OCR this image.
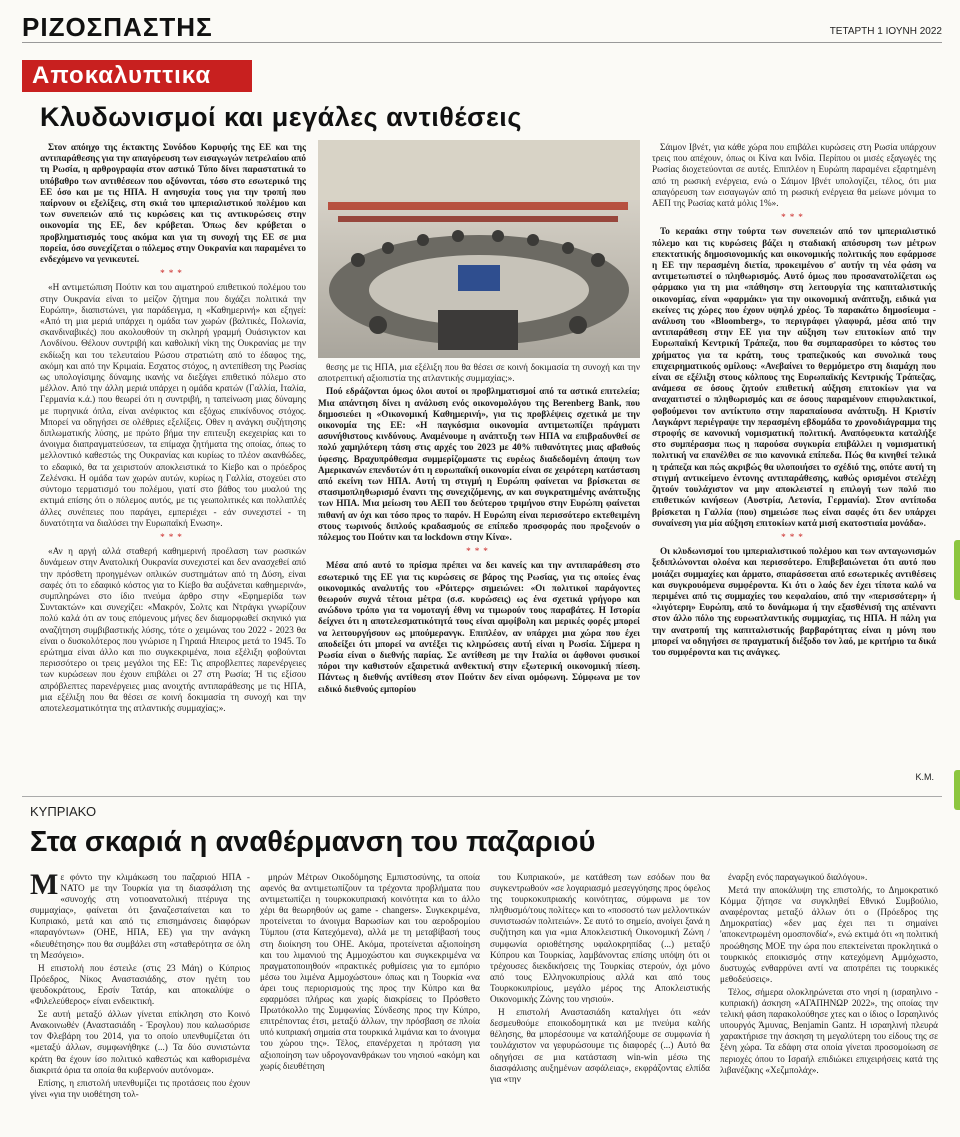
ΡΙΖΟΣΠΑΣΤΗΣ	ΤΕΤΑΡΤΗ 1 ΙΟΥΝΗ 2022
Αποκαλυπτικα
Κλυδωνισμοί και μεγάλες αντιθέσεις

Στον απόηχο της έκτακτης Συνόδου Κορυφής της ΕΕ και της αντιπαράθεσης για την απαγόρευση των εισαγωγών πετρελαίου από τη Ρωσία, η αρθρογραφία στον αστικό Τύπο δίνει παραστατικά το υπόβαθρο των αντιθέσεων που οξύνονται, τόσο στο εσωτερικό της ΕΕ όσο και με τις ΗΠΑ. Η ανησυχία τους για την τροπή που παίρνουν οι εξελίξεις, στη σκιά του ιμπεριαλιστικού πολέμου και των συνεπειών από τις κυρώσεις και τις αντικυρώσεις στην οικονομία της ΕΕ, δεν κρύβεται. Όπως δεν κρύβεται ο προβληματισμός τους ακόμα και για τη συνοχή της ΕΕ σε μια πορεία, όσο συνεχίζεται ο πόλεμος στην Ουκρανία και παραμένει το ενδεχόμενο να γενικευτεί.

***

«Η αντιμετώπιση Πούτιν και του αιματηρού επιθετικού πολέμου του στην Ουκρανία είναι το μείζον ζήτημα που διχάζει πολιτικά την Ευρώπη», διαπιστώνει, για παράδειγμα, η «Καθημερινή» και εξηγεί: «Από τη μια μεριά υπάρχει η ομάδα των χωρών (βαλτικές, Πολωνία, σκανδιναβικές) που ακολουθούν τη σκληρή γραμμή Ουάσιγκτον και Λονδίνου. Θέλουν συντριβή και καθολική νίκη της Ουκρανίας με την εκδίωξη και του τελευταίου Ρώσου στρατιώτη από το έδαφος της, ακόμη και από την Κριμαία. Εσχατος στόχος, η αντεπίθεση της Ρωσίας ως υπολογίσιμης δύναμης ικανής να διεξάγει επιθετικό πόλεμο στο μέλλον. Από την άλλη μεριά υπάρχει η ομάδα κρατών (Γαλλία, Ιταλία, Γερμανία κ.ά.) που θεωρεί ότι η συντριβή, η ταπείνωση μιας δύναμης με πυρηνικά όπλα, είναι ανέφικτος και εξόχως επικίνδυνος στόχος. Μπορεί να οδηγήσει σε ολέθριες εξελίξεις. Οθεν η ανάγκη συζήτησης διπλωματικής λύσης, με πρώτο βήμα την επιτευξη εκεχειρίας και το άνοιγμα διαπραγματεύσεων, τα επίμαχα ζητήματα της οποίας, όπως το μελλοντικό καθεστώς της Ουκρανίας και κυρίως το πλέον ακανθώδες, το εδαφικό, θα τα χειριστούν αποκλειστικά το Κίεβο και ο πρόεδρος Ζελένσκι. Η ομάδα των χωρών αυτών, κυρίως η Γαλλία, στοχεύει στο σύντομο τερματισμό του πολέμου, γιατί στο βάθος του μυαλού της εκτιμά επίσης ότι ο πόλεμος αυτός, με τις γεωπολιτικές και πολλαπλές άλλες συνέπειες που παράγει, εμπεριέχει - εάν συνεχιστεί - τη δυνατότητα να διαλύσει την Ευρωπαϊκή Ενωση».

***

«Αν η αργή αλλά σταθερή καθημερινή προέλαση των ρωσικών δυνάμεων στην Ανατολική Ουκρανία συνεχιστεί και δεν ανασχεθεί από την πρόσθετη προηγμένων οπλικών συστημάτων από τη Δύση, είναι σαφές ότι το εδαφικό κόστος για το Κίεβο θα αυξάνεται καθημερινά», συμπληρώνει στο ίδιο πνεύμα άρθρο στην «Εφημερίδα των Συντακτών» και συνεχίζει: «Μακρόν, Σολτς και Ντράγκι γνωρίζουν πολύ καλά ότι αν τους επόμενους μήνες δεν διαμορφωθεί σκηνικό για αναζήτηση συμβιβαστικής λύσης, τότε ο χειμώνας του 2022 - 2023 θα είναι ο δυσκολότερος που γνώρισε η Γηραιά Ηπειρος μετά το 1945. Το ερώτημα είναι άλλο και πιο συγκεκριμένα, ποια εξέλιξη φοβούνται περισσότερο οι τρεις μεγάλοι της ΕΕ: Τις απροβλεπτες παρενέργειες των κυρώσεων που έχουν επιβάλει οι 27 στη Ρωσία; Ή τις εξίσου απρόβλεπτες παρενέργειες μιας ανοιχτής αντιπαράθεσης με τις ΗΠΑ, μια εξέλιξη που θα θέσει σε κοινή δοκιμασία τη συνοχή και την αποτελεσματικότητα της ατλαντικής συμμαχίας;».

θεσης με τις ΗΠΑ, μια εξέλιξη που θα θέσει σε κοινή δοκιμασία τη συνοχή και την αποτρεπτική αξιοπιστία της ατλαντικής συμμαχίας;».

Πού εδράζονται όμως όλοι αυτοί οι προβληματισμοί από τα αστικά επιτελεία; Μια απάντηση δίνει η ανάλυση ενός οικονομολόγου της Berenberg Bank, που δημοσιεύει η «Οικονομική Καθημερινή», για τις προβλέψεις σχετικά με την οικονομία της ΕΕ: «Η παγκόσμια οικονομία αντιμετωπίζει πράγματι ασυνήθιστους κινδύνους. Αναμένουμε η ανάπτυξη των ΗΠΑ να επιβραδυνθεί σε πολύ χαμηλότερη τάση στις αρχές του 2023 με 40% πιθανότητες μιας αβαθούς ύφεσης. Βραχυπρόθεσμα συμμερίζομαστε τις ευρέως διαδεδομένη άποψη των Αμερικανών επενδυτών ότι η ευρωπαϊκή οικονομία είναι σε χειρότερη κατάσταση από εκείνη των ΗΠΑ. Αυτή τη στιγμή η Ευρώπη φαίνεται να βρίσκεται σε στασιμοπληθωρισμό έναντι της συνεχιζόμενης, αν και συγκρατημένης ανάπτυξης των ΗΠΑ. Μια μείωση του ΑΕΠ του δεύτερου τριμήνου στην Ευρώπη φαίνεται πιθανή αν όχι και τόσο προς το παρόν. Η Ευρώπη είναι περισσότερο εκτεθειμένη στους τωρινούς διπλούς κραδασμούς σε επίπεδο προσφοράς που προξενούν ο πόλεμος του Πούτιν και τα lockdown στην Κίνα».

***

Μέσα από αυτό το πρίσμα πρέπει να δει κανείς και την αντιπαράθεση στο εσωτερικό της ΕΕ για τις κυρώσεις σε βάρος της Ρωσίας, για τις οποίες ένας οικονομικός αναλυτής του «Ρόιτερς» σημειώνει: «Οι πολιτικοί παράγοντες θεωρούν συχνά τέτοια μέτρα (σ.σ. κυρώσεις) ως ένα σχετικά γρήγορο και ανώδυνο τρόπο για τα νομοταγή έθνη να τιμωρούν τους παραβάτες. Η Ιστορία δείχνει ότι η αποτελεσματικότητά τους είναι αμφίβολη και μερικές φορές μπορεί να λειτουργήσουν ως μπούμερανγκ. Επιπλέον, αν υπάρχει μια χώρα που έχει αποδείξει ότι μπορεί να αντέξει τις κληρώσεις αυτή είναι η Ρωσία. Σήμερα η Ρωσία είναι ο διεθνής παρίας. Σε αντίθεση με την Ιταλία οι άφθονοι φυσικοί πόροι την καθιστούν εξαιρετικά ανθεκτική στην εξωτερική οικονομική πίεση. Πάντως η διεθνής αντίθεση στον Πούτιν δεν είναι ομόφωνη. Σύμφωνα με τον ειδικό διεθνούς εμπορίου

Σάιμον Ιβνέτ, για κάθε χώρα που επιβάλει κυρώσεις στη Ρωσία υπάρχουν τρεις που απέχουν, όπως οι Κίνα και Ινδία. Περίπου οι μισές εξαγωγές της Ρωσίας διοχετεύονται σε αυτές. Επιπλέον η Ευρώπη παραμένει εξαρτημένη από τη ρωσική ενέργεια, ενώ ο Σάιμον Ιβνέτ υπολογίζει, τέλος, ότι μια απαγόρευση των εισαγωγών από τη ρωσική ενέργεια θα μείωνε μόνιμα το ΑΕΠ της Ρωσίας κατά μόλις 1%».

***

Το κεραάκι στην τούρτα των συνεπειών από τον ιμπεριαλιστικό πόλεμο και τις κυρώσεις βάζει η σταδιακή απόσυρση των μέτρων επεκτατικής δημοσιονομικής και οικονομικής πολιτικής που εφάρμοσε η ΕΕ την περασμένη διετία, προκειμένου σ' αυτήν τη νέα φάση να αντιμετωπιστεί ο πληθωρισμός. Αυτό όμως που προσανατολίζεται ως φάρμακο για τη μια «πάθηση» στη λειτουργία της καπιταλιστικής οικονομίας, είναι «φαρμάκι» για την οικονομική ανάπτυξη, ειδικά για εκείνες τις χώρες που έχουν υψηλό χρέος. Το παρακάτω δημοσίευμα - ανάλυση του «Bloomberg», το περιγράφει γλαφυρά, μέσα από την αντιπαράθεση στην ΕΕ για την αύξηση των επιτοκίων από την Ευρωπαϊκή Κεντρική Τράπεζα, που θα συμπαρασύρει το κόστος του χρήματος για τα κράτη, τους τραπεζικούς και συνολικά τους επιχειρηματικούς ομίλους: «Ανεβαίνει το θερμόμετρο στη διαμάχη που είναι σε εξέλιξη στους κόλπους της Ευρωπαϊκής Κεντρικής Τράπεζας, ανάμεσα σε όσους ζητούν επιθετική αύξηση επιτοκίων για να αναχαιτιστεί ο πληθωρισμός και σε όσους παραμένουν επιφυλακτικοί, φοβούμενοι τον αντίκτυπο στην παραπαίουσα ανάπτυξη. Η Κριστίν Λαγκάρντ περιέγραψε την περασμένη εβδομάδα το χρονοδιάγραμμα της στροφής σε κανονική νομισματική πολιτική. Αναπόφευκτα καταλήξε στο συμπέρασμα πως η παρούσα συγκυρία επιβάλλει η νομισματική πολιτική να επανέλθει σε πιο κανονικά επίπεδα. Πώς θα κινηθεί τελικά η τράπεζα και πώς ακριβώς θα υλοποιήσει το σχέδιό της, οπότε αυτή τη στιγμή αντικείμενο έντονης αντιπαράθεσης, καθώς ορισμένοι στελέχη ζητούν τουλάχιστον να μην αποκλειστεί η επιλογή των πολύ πιο επιθετικών κινήσεων (Αυστρία, Λετονία, Γερμανία). Στον αντίποδα βρίσκεται η Γαλλία (που) σημειώσε πως είναι σαφές ότι δεν υπάρχει συναίνεση για μία αύξηση επιτοκίων κατά μισή εκατοστιαία μονάδα».

***

Οι κλυδωνισμοί του ιμπεριαλιστικού πολέμου και των ανταγωνισμών ξεδιπλώνονται ολοένα και περισσότερο. Επιβεβαιώνεται ότι αυτό που μοιάζει συμμαχίες και άρματο, σπαράσσεται από εσωτερικές αντιθέσεις και συγκρουόμενα συμφέροντα. Κι ότι ο λαός δεν έχει τίποτα καλό να περιμένει από τις συμμαχίες του κεφαλαίου, από την «περισσότερη» ή «λιγότερη» Ευρώπη, από το δυνάμωμα ή την εξασθένισή της απέναντι στον άλλο πόλο της ευρωατλαντικής συμμαχίας, τις ΗΠΑ. Η πάλη για την ανατροπή της καπιταλιστικής βαρβαρότητας είναι η μόνη που μπορεί να οδηγήσει σε πραγματική διέξοδο τον λαό, με κριτήριο τα δικά του συμφέροντα και τις ανάγκες.

Κ.Μ.
ΚΥΠΡΙΑΚΟ
Στα σκαριά η αναθέρμανση του παζαριού

Με φόντο την κλιμάκωση του παζαριού ΗΠΑ - ΝΑΤΟ με την Τουρκία για τη διασφάλιση της «συνοχής στη νοτιοανατολική πτέρυγα της συμμαχίας», φαίνεται ότι ξαναζεσταίνεται και το Κυπριακό, μετά και από τις επισημάνσεις διαφόρων «παραγόντων» (ΟΗΕ, ΗΠΑ, ΕΕ) για την ανάγκη «διευθέτησης» που θα συμβάλει στη «σταθερότητα σε όλη τη Μεσόγειο».

Η επιστολή που έστειλε (στις 23 Μάη) ο Κύπριος Πρόεδρος, Νίκος Αναστασιάδης, στον ηγέτη του ψευδοκράτους, Ερσίν Τατάρ, και αποκαλύψε ο «Φιλελεύθερος» είναι ενδεικτική.

Σε αυτή μεταξύ άλλων γίνεται επίκληση στο Κοινό Ανακοινωθέν (Αναστασιάδη - Έρογλου) που καλωσόρισε τον Φλεβάρη του 2014, για το οποίο υπενθυμίζεται ότι «μεταξύ άλλων, συμφωνήθηκε (...) Τα δύο συνιστώντα κράτη θα έχουν ίσο πολιτικό καθεστώς και καθορισμένα διακριτά όρια τα οποία θα κυβερνούν αυτόνομα».

Επίσης, η επιστολή υπενθυμίζει τις προτάσεις που έχουν γίνει «για την υιοθέτηση τολ-

μηρών Μέτρων Οικοδόμησης Εμπιστοσύνης, τα οποία αφενός θα αντιμετωπίζουν τα τρέχοντα προβλήματα που αντιμετωπίζει η τουρκοκυπριακή κοινότητα και το άλλο χέρι θα θεωρηθούν ως game - changers». Συγκεκριμένα, προτείνεται το άνοιγμα Βαρωσίων και του αεροδρομίου Τύμπου (στα Κατεχόμενα), αλλά με τη μεταβίβασή τους στη διοίκηση του ΟΗΕ. Ακόμα, προτείνεται αξιοποίηση και του λιμανιού της Αμμοχώστου και συγκεκριμένα να πραγματοποιηθούν «πρακτικές ρυθμίσεις για το εμπόριο μέσω του λιμένα Αμμοχώστου» όπως και η Τουρκία «να άρει τους περιορισμούς της προς την Κύπρο και θα εφαρμόσει πλήρως και χωρίς διακρίσεις το Πρόσθετο Πρωτόκολλο της Συμφωνίας Σύνδεσης προς την Κύπρο, επιτρέποντας έτσι, μεταξύ άλλων, την πρόσβαση σε πλοία υπό κυπριακή σημαία στα τουρκικά λιμάνια και το άνοιγμα του χώρου της». Τέλος, επανέρχεται η πρόταση για αξιοποίηση των υδρογονανθράκων του νησιού «ακόμη και χωρίς διευθέτηση

του Κυπριακού», με κατάθεση των εσόδων που θα συγκεντρωθούν «σε λογαριασμό μεσεγγύησης προς όφελος της τουρκοκυπριακής κοινότητας, σύμφωνα με τον πληθυσμό/τους πολίτες» και το «ποσοστό των μελλοντικών συνιστωσών πολιτειών». Σε αυτό το σημείο, ανοίγει ξανά η συζήτηση και για «μια Αποκλειστική Οικονομική Ζώνη /συμφωνία οριοθέτησης υφαλοκρηπίδας (...) μεταξύ Κύπρου και Τουρκίας, λαμβάνοντας επίσης υπόψη ότι οι τρέχουσες διεκδικήσεις της Τουρκίας στερούν, όχι μόνο από τους Ελληνοκυπρίους αλλά και από τους Τουρκοκυπρίους, μεγάλο μέρος της Αποκλειστικής Οικονομικής Ζώνης του νησιού».

Η επιστολή Αναστασιάδη καταλήγει ότι «εάν δεσμευθούμε εποικοδομητικά και με πνεύμα καλής θέλησης, θα μπορέσουμε να καταλήξουμε σε συμφωνία ή τουλάχιστον να γεφυρώσουμε τις διαφορές (...) Αυτό θα οδηγήσει σε μια κατάσταση win-win μέσω της διασφάλισης αυξημένων ασφάλειας», εκφράζοντας ελπίδα για «την

έναρξη ενός παραγωγικού διαλόγου».

Μετά την αποκάλυψη της επιστολής, το Δημοκρατικό Κόμμα ζήτησε να συγκληθεί Εθνικό Συμβούλιο, αναφέροντας μεταξύ άλλων ότι ο (Πρόεδρος της Δημοκρατίας) «δεν μας έχει πει τι σημαίνει 'αποκεντρωμένη ομοσπονδία'», ενώ εκτιμά ότι «η πολιτική προώθησης ΜΟΕ την ώρα που επεκτείνεται προκλητικά ο τουρκικός εποικισμός στην κατεχόμενη Αμμόχωστο, δυστυχώς ενθαρρύνει αντί να αποτρέπει τις τουρκικές μεθοδεύσεις».

Τέλος, σήμερα ολοκληρώνεται στο νησί η (ισραηλινο - κυπριακή) άσκηση «ΑΓΑΠΗΝΩΡ 2022», της οποίας την τελική φάση παρακολούθησε χτες και ο ίδιος ο Ισραηλινός υπουργός Άμυνας, Benjamin Gantz. Η ισραηλινή πλευρά χαρακτήρισε την άσκηση τη μεγαλύτερη του είδους της σε ξένη χώρα. Τα εδάφη στα οποία γίνεται προσομοίωση σε περιοχές όπου το Ισραήλ επιδιώκει επιχειρήσεις κατά της λιβανέζικης «Χεζμπολάχ».
